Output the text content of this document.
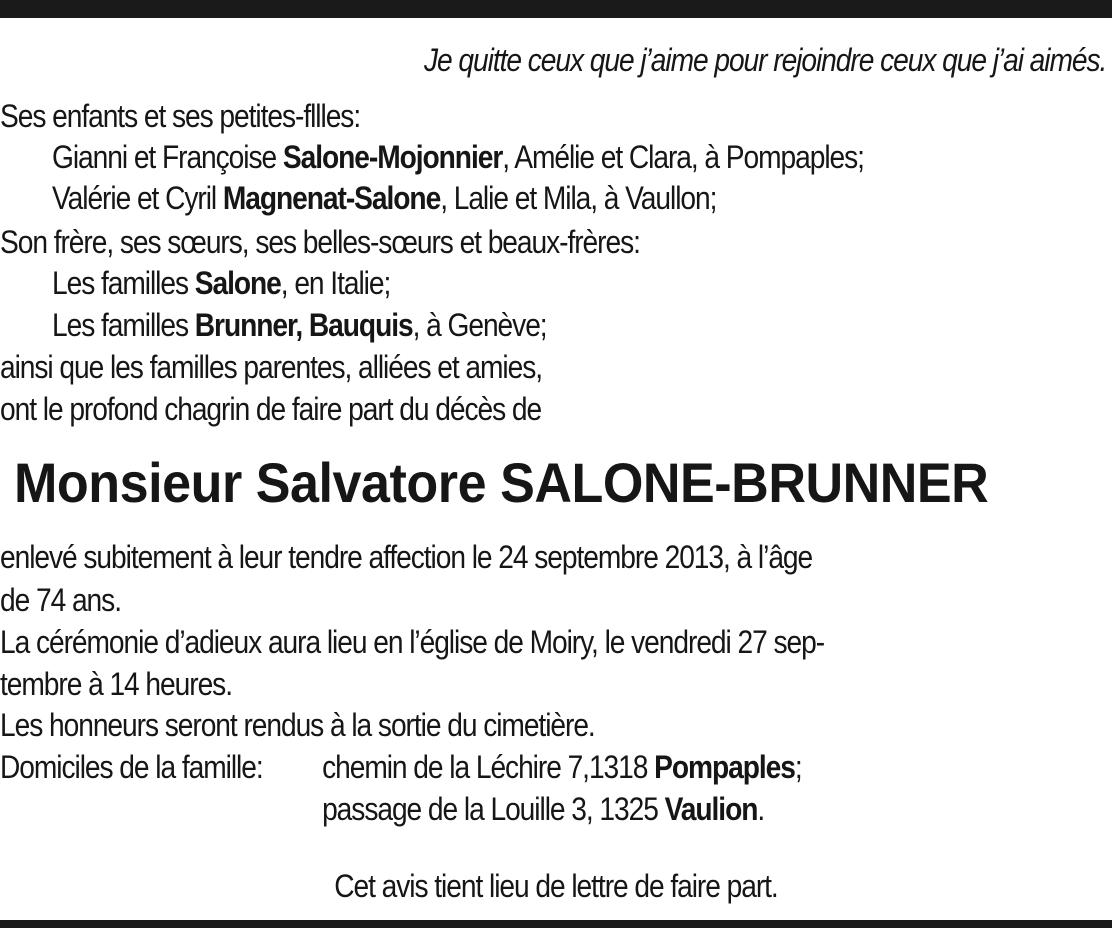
Je quitte ceux que j’aime pour rejoindre ceux que j’ai aimés.
Ses enfants et ses petites-fllles:
Gianni et Françoise Salone-Mojonnier, Amélie et Clara, à Pompaples;
Valérie et Cyril Magnenat-Salone, Lalie et Mila, à Vaullon;
Son frère, ses sœurs, ses belles-sœurs et beaux-frères:
Les familles Salone, en Italie;
Les familles Brunner, Bauquis, à Genève;
ainsi que les familles parentes, alliées et amies,
ont le profond chagrin de faire part du décès de
Monsieur Salvatore SALONE-BRUNNER
enlevé subitement à leur tendre affection le 24 septembre 2013, à l’âge
de 74 ans.
La cérémonie d’adieux aura lieu en l’église de Moiry, le vendredi 27 sep-
tembre à 14 heures.
Les honneurs seront rendus à la sortie du cimetière.
Domiciles de la famille: chemin de la Léchire 7,1318 Pompaples;
passage de la Louille 3, 1325 Vaulion.
Cet avis tient lieu de lettre de faire part.
